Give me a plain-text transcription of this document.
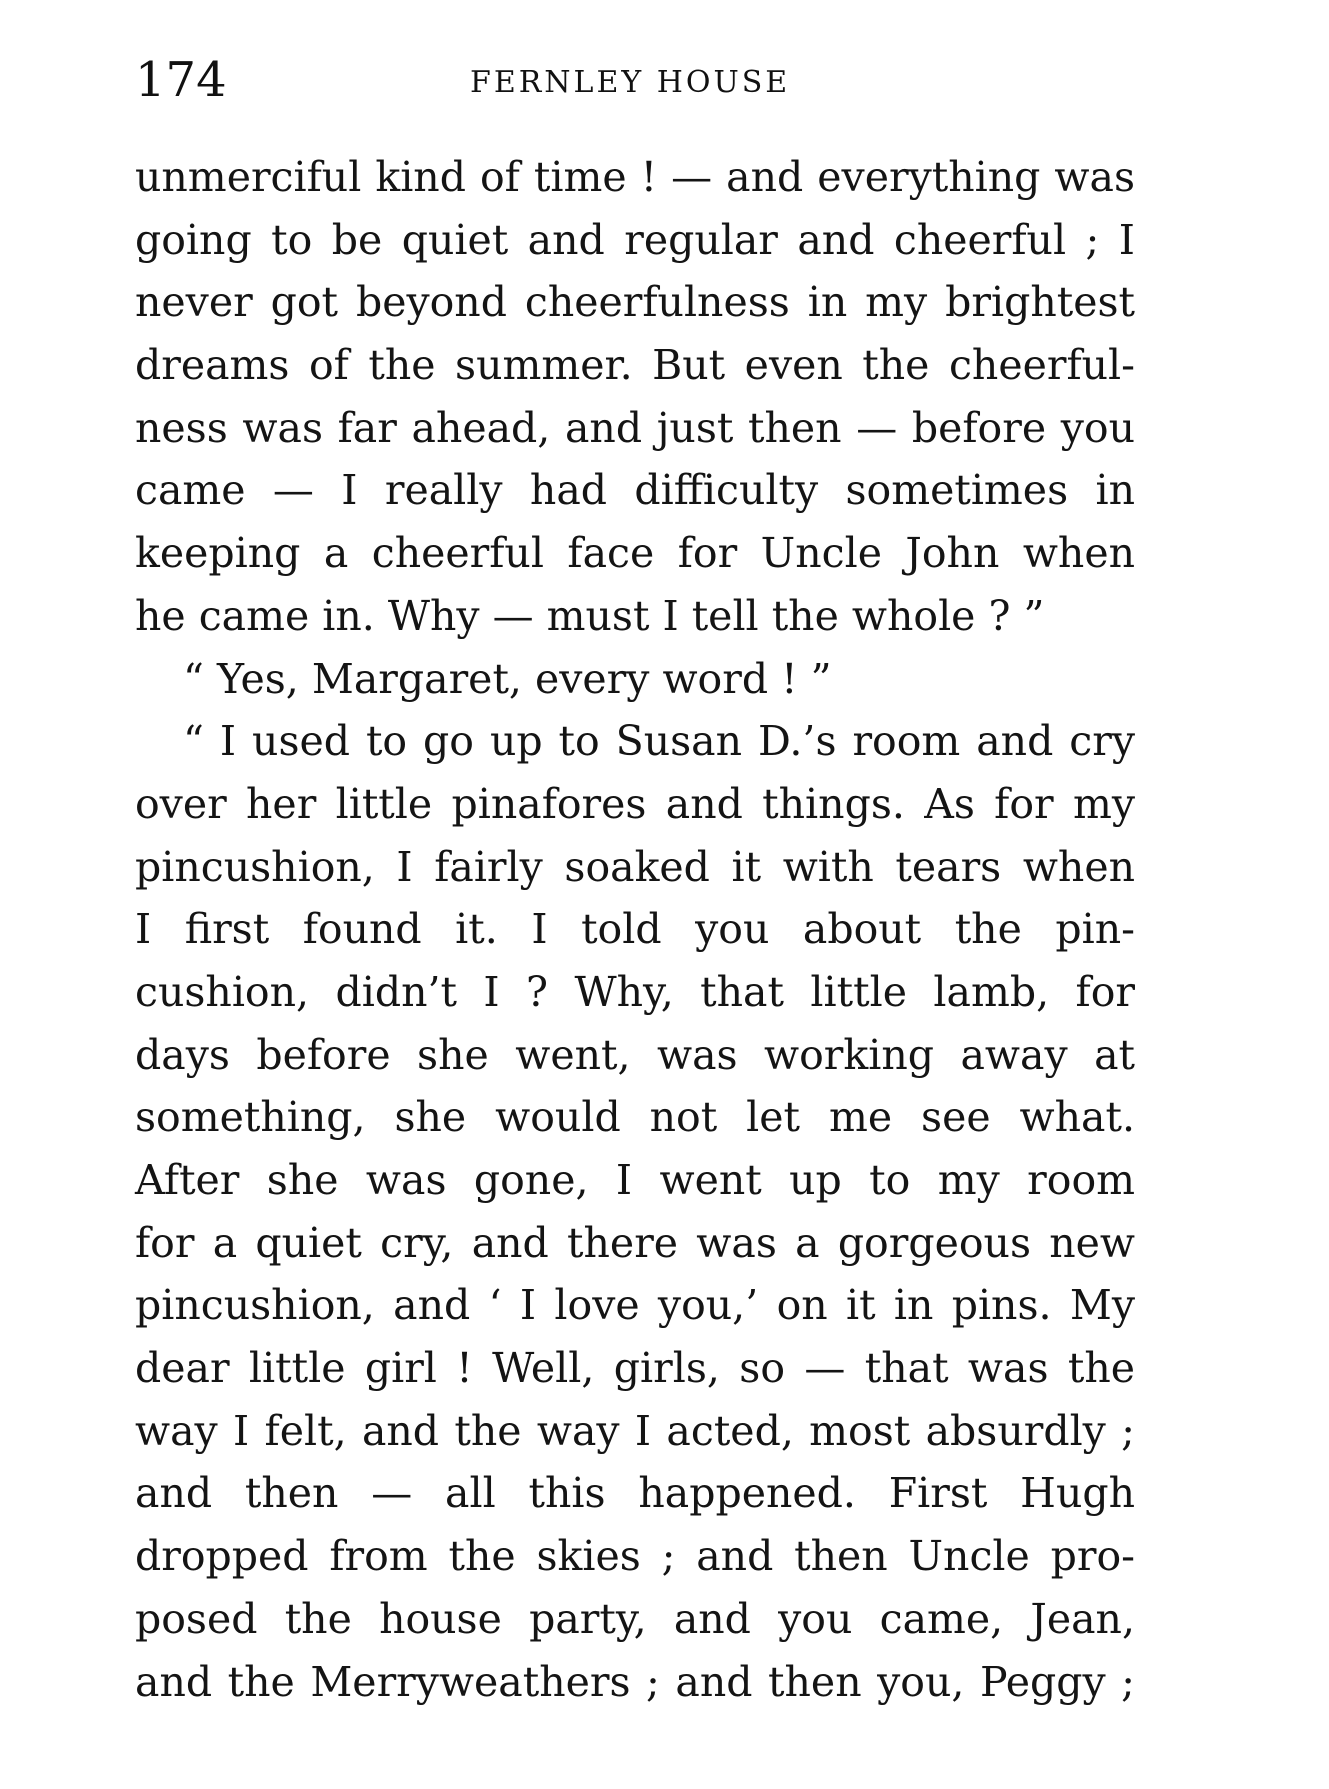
174	FERNLEY HOUSE
unmerciful kind of time ! — and everything was
going to be quiet and regular and cheerful ; I
never got beyond cheerfulness in my brightest
dreams of the summer. But even the cheerful-
ness was far ahead, and just then — before you
came — I really had difficulty sometimes in
keeping a cheerful face for Uncle John when
he came in. Why — must I tell the whole ? ”
“ Yes, Margaret, every word ! ”
“ I used to go up to Susan D.’s room and cry
over her little pinafores and things. As for my
pincushion, I fairly soaked it with tears when
I first found it. I told you about the pin-
cushion, didn’t I ? Why, that little lamb, for
days before she went, was working away at
something, she would not let me see what.
After she was gone, I went up to my room
for a quiet cry, and there was a gorgeous new
pincushion, and ‘ I love you,’ on it in pins. My
dear little girl ! Well, girls, so — that was the
way I felt, and the way I acted, most absurdly ;
and then — all this happened. First Hugh
dropped from the skies ; and then Uncle pro-
posed the house party, and you came, Jean,
and the Merryweathers ; and then you, Peggy ;
